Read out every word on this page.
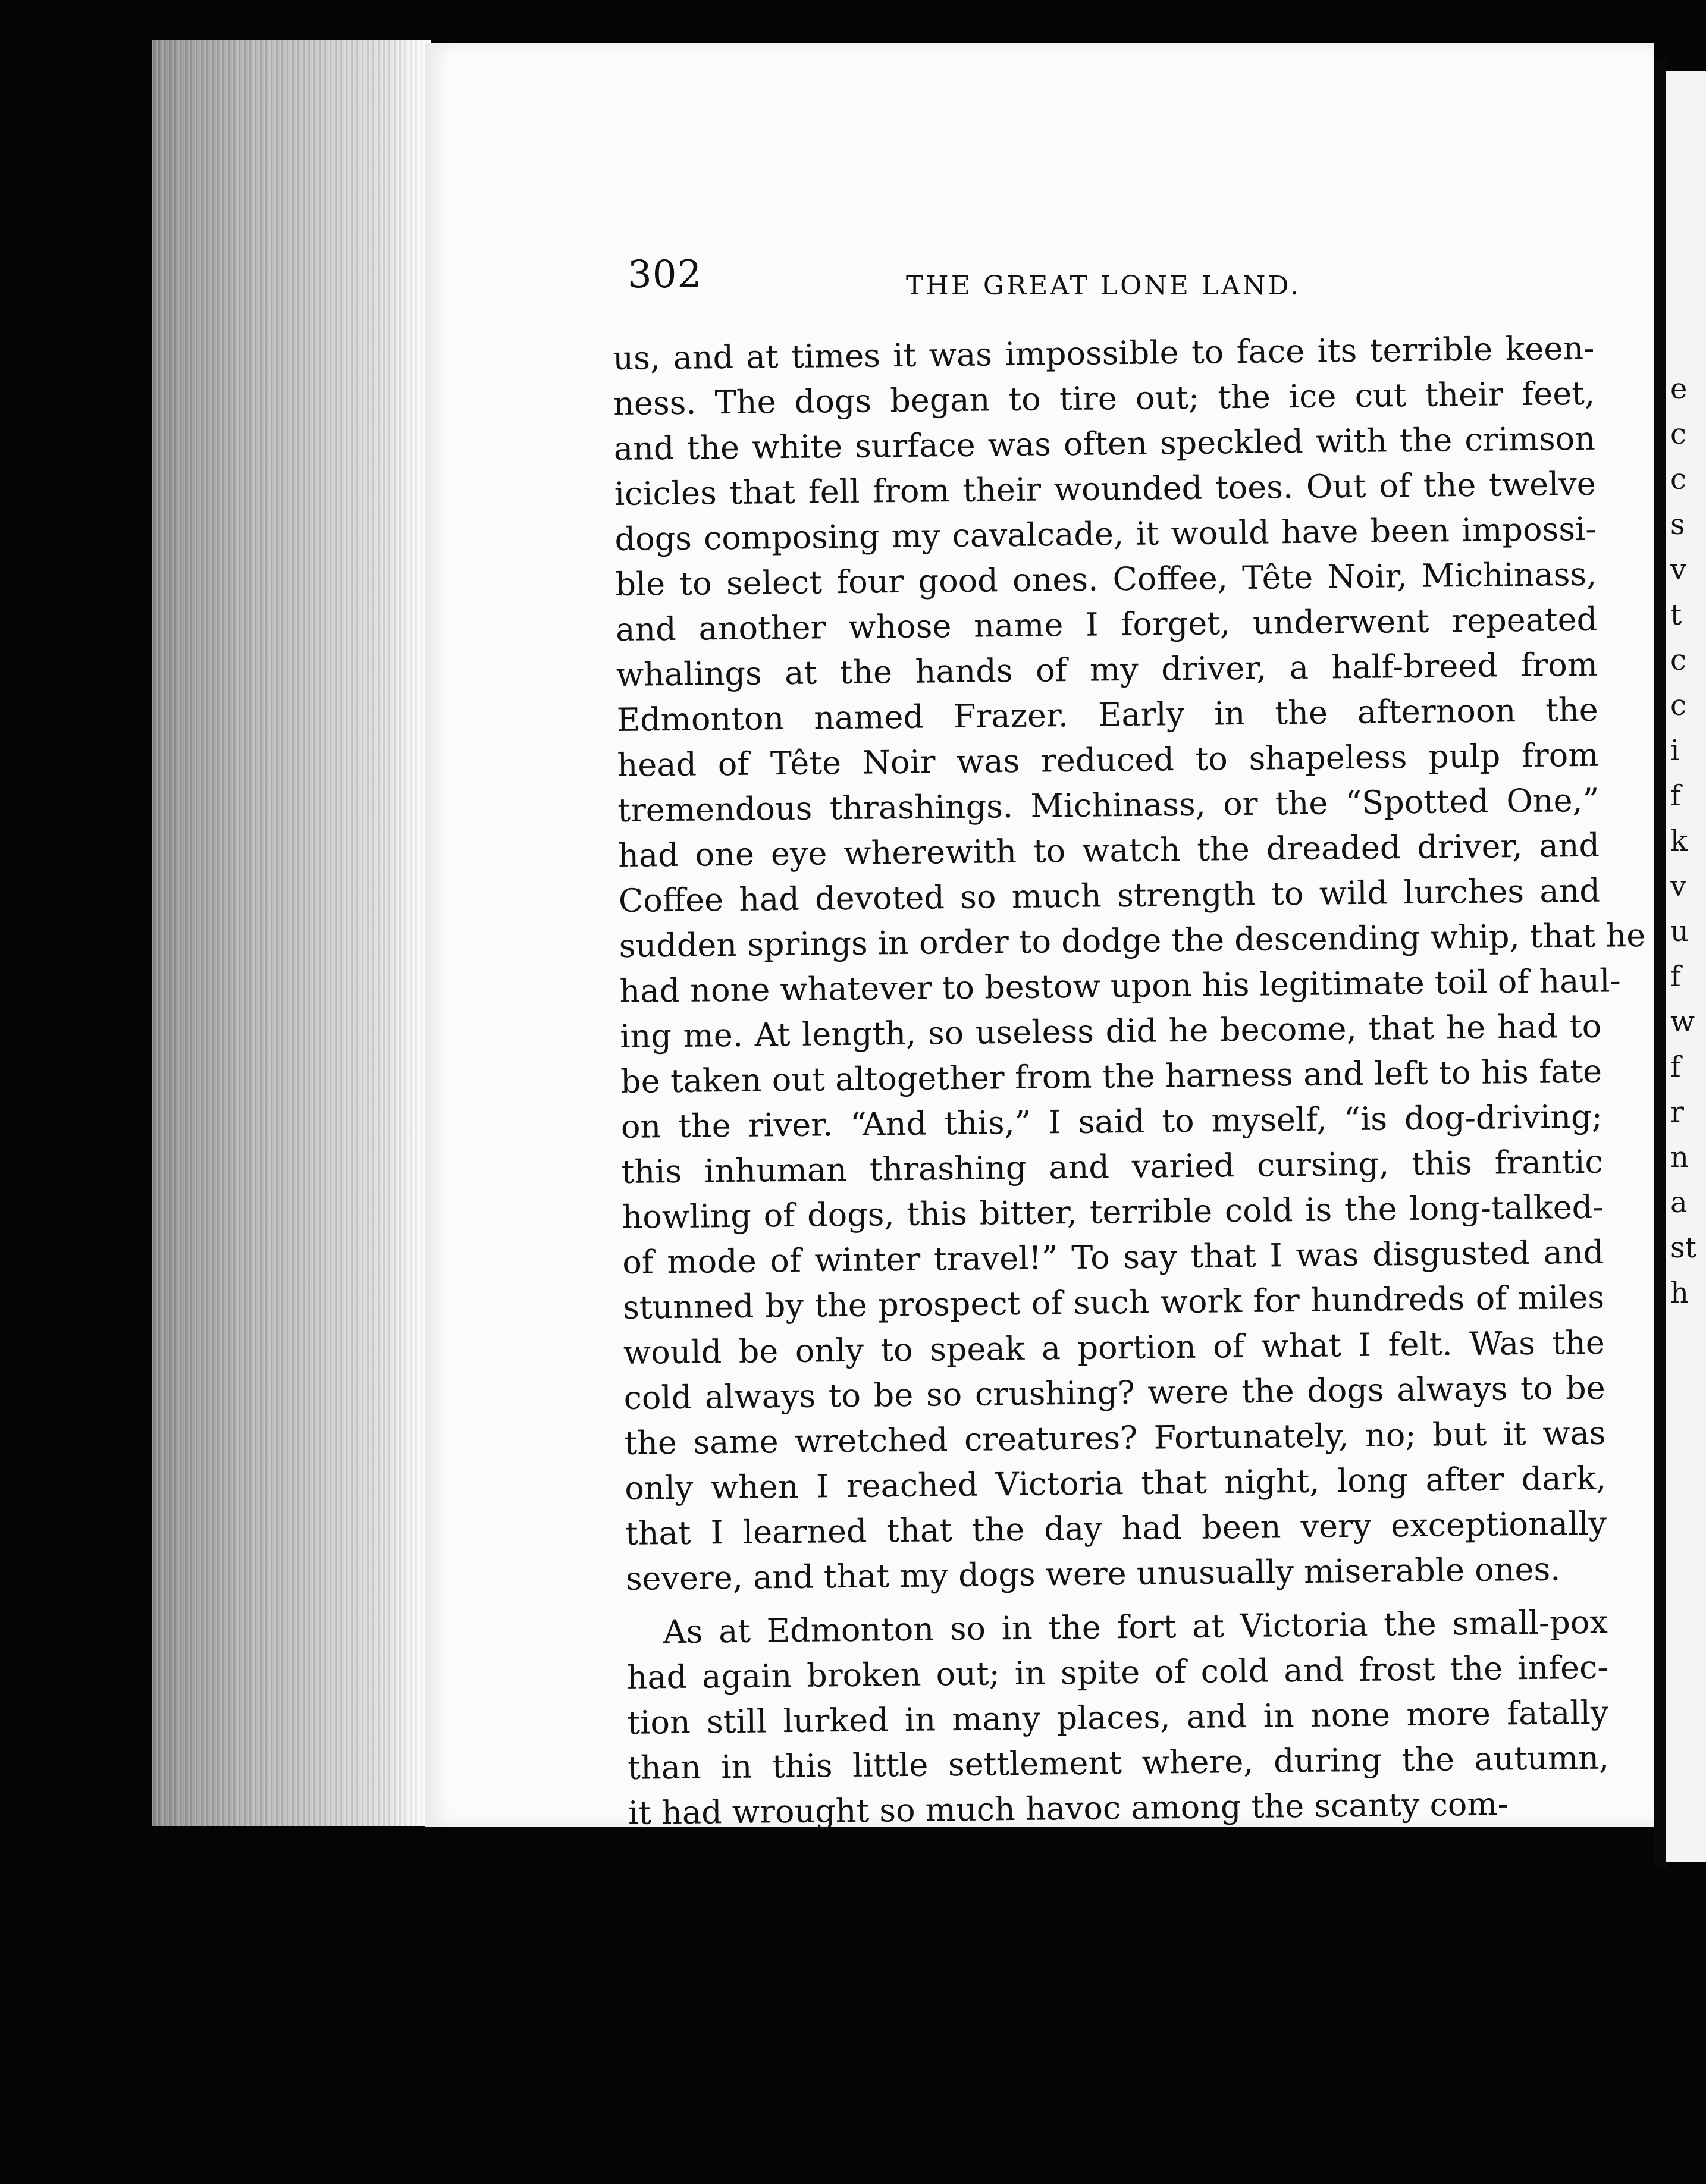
e
c
c
s
v
t
c
c
i
f
k
v
u
f
w
f
r
n
a
st
h
302	THE GREAT LONE LAND.
us, and at times it was impossible to face its terrible keen-
ness. The dogs began to tire out; the ice cut their feet,
and the white surface was often speckled with the crimson
icicles that fell from their wounded toes. Out of the twelve
dogs composing my cavalcade, it would have been impossi-
ble to select four good ones. Coffee, Tête Noir, Michinass,
and another whose name I forget, underwent repeated
whalings at the hands of my driver, a half-breed from
Edmonton named Frazer. Early in the afternoon the
head of Tête Noir was reduced to shapeless pulp from
tremendous thrashings. Michinass, or the “Spotted One,”
had one eye wherewith to watch the dreaded driver, and
Coffee had devoted so much strength to wild lurches and
sudden springs in order to dodge the descending whip, that he
had none whatever to bestow upon his legitimate toil of haul-
ing me. At length, so useless did he become, that he had to
be taken out altogether from the harness and left to his fate
on the river. “And this,” I said to myself, “is dog-driving;
this inhuman thrashing and varied cursing, this frantic
howling of dogs, this bitter, terrible cold is the long-talked-
of mode of winter travel!” To say that I was disgusted and
stunned by the prospect of such work for hundreds of miles
would be only to speak a portion of what I felt. Was the
cold always to be so crushing? were the dogs always to be
the same wretched creatures? Fortunately, no; but it was
only when I reached Victoria that night, long after dark,
that I learned that the day had been very exceptionally
severe, and that my dogs were unusually miserable ones.
As at Edmonton so in the fort at Victoria the small-pox
had again broken out; in spite of cold and frost the infec-
tion still lurked in many places, and in none more fatally
than in this little settlement where, during the autumn,
it had wrought so much havoc among the scanty com-
